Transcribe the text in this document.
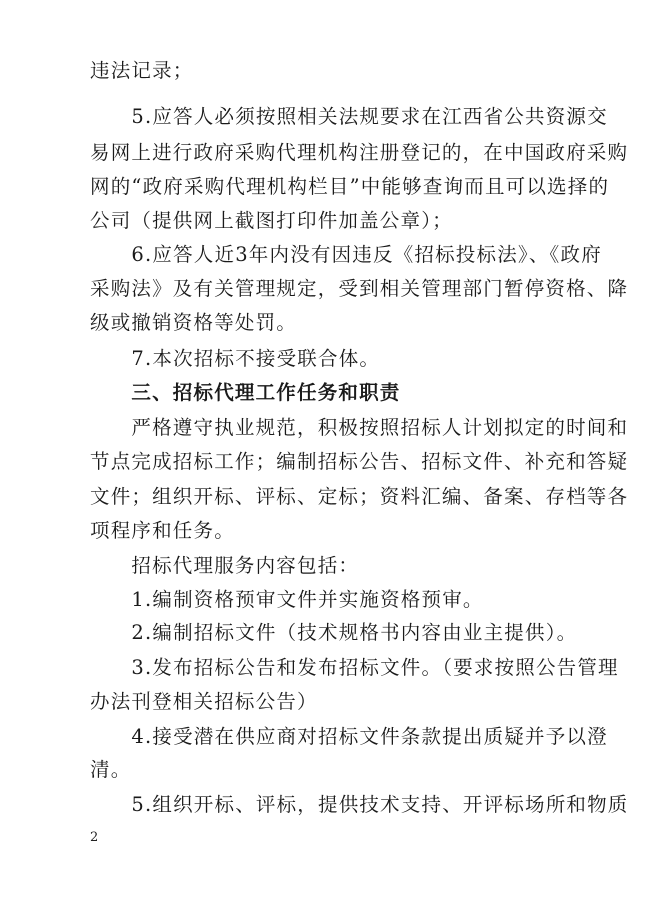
违法记录；
　　5.应答人必须按照相关法规要求在江西省公共资源交
易网上进行政府采购代理机构注册登记的，在中国政府采购
网的“政府采购代理机构栏目”中能够查询而且可以选择的
公司（提供网上截图打印件加盖公章）；
　　6.应答人近3年内没有因违反《招标投标法》、《政府
采购法》及有关管理规定，受到相关管理部门暂停资格、降
级或撤销资格等处罚。
　　7.本次招标不接受联合体。
　　三、招标代理工作任务和职责
　　严格遵守执业规范，积极按照招标人计划拟定的时间和
节点完成招标工作；编制招标公告、招标文件、补充和答疑
文件；组织开标、评标、定标；资料汇编、备案、存档等各
项程序和任务。
　　招标代理服务内容包括：
　　1.编制资格预审文件并实施资格预审。
　　2.编制招标文件（技术规格书内容由业主提供）。
　　3.发布招标公告和发布招标文件。（要求按照公告管理
办法刊登相关招标公告）
　　4.接受潜在供应商对招标文件条款提出质疑并予以澄
清。
　　5.组织开标、评标，提供技术支持、开评标场所和物质
2
